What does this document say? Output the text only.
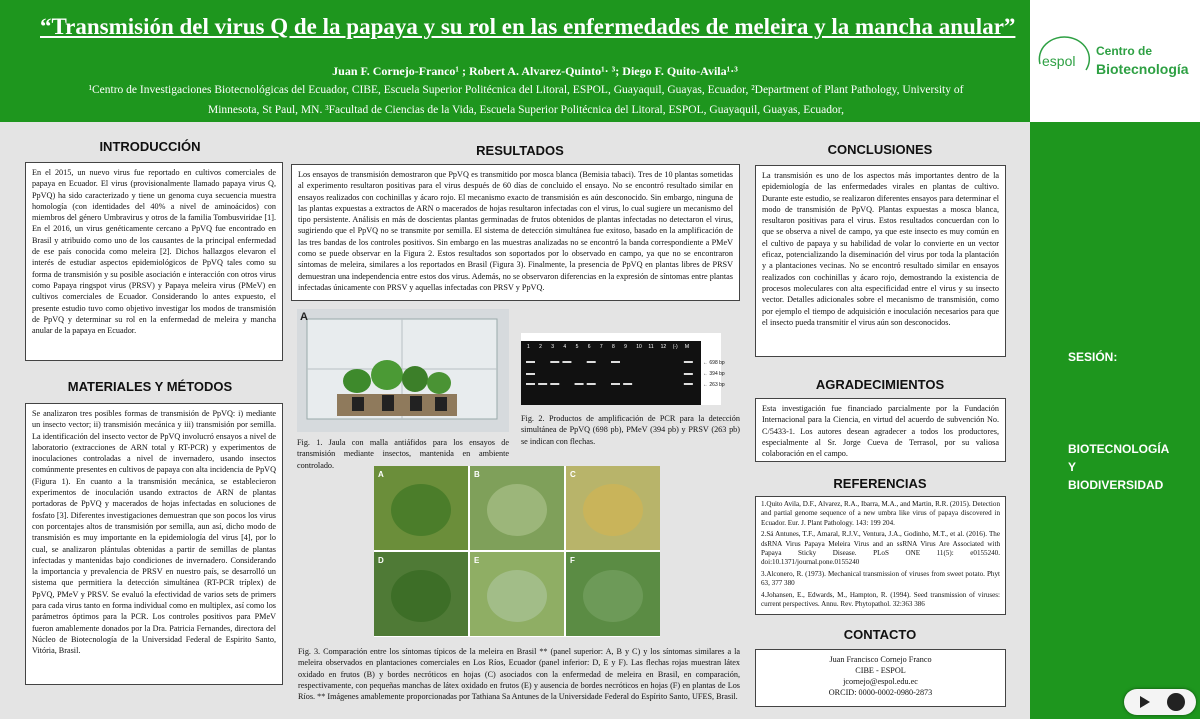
“Transmisión del virus Q de la papaya y su rol en las enfermedades de meleira y la mancha anular”
Juan F. Cornejo-Franco¹ ; Robert A. Alvarez-Quinto¹· ³; Diego F. Quito-Avila¹·³
¹Centro de Investigaciones Biotecnológicas del Ecuador, CIBE, Escuela Superior Politécnica del Litoral, ESPOL, Guayaquil, Guayas, Ecuador, ²Department of Plant Pathology, University of
Minnesota, St Paul, MN. ³Facultad de Ciencias de la Vida, Escuela Superior Politécnica del Litoral, ESPOL, Guayaquil, Guayas, Ecuador,
espol
Centro de
Biotecnología
SESIÓN:
BIOTECNOLOGÍA
Y
BIODIVERSIDAD
INTRODUCCIÓN
En el 2015, un nuevo virus fue reportado en cultivos comerciales de papaya en Ecuador. El virus (provisionalmente llamado papaya virus Q, PpVQ) ha sido caracterizado y tiene un genoma cuya secuencia muestra homología (con identidades del 40% a nivel de aminoácidos) con miembros del género Umbravirus y otros de la familia Tombusviridae [1]. En el 2016, un virus genéticamente cercano a PpVQ fue encontrado en Brasil y atribuido como uno de los causantes de la principal enfermedad de ese país conocida como meleira [2]. Dichos hallazgos elevaron el interés de estudiar aspectos epidemiológicos de PpVQ tales como su forma de transmisión y su posible asociación e interacción con otros virus como Papaya ringspot virus (PRSV) y Papaya meleira virus (PMeV) en cultivos comerciales de Ecuador. Considerando lo antes expuesto, el presente estudio tuvo como objetivo investigar los modos de transmisión de PpVQ y determinar su rol en la enfermedad de meleira y mancha anular de la papaya en Ecuador.
MATERIALES Y MÉTODOS
Se analizaron tres posibles formas de transmisión de PpVQ: i) mediante un insecto vector; ii) transmisión mecánica y iii) transmisión por semilla. La identificación del insecto vector de PpVQ involucró ensayos a nivel de laboratorio (extracciones de ARN total y RT-PCR) y experimentos de inoculaciones controladas a nivel de invernadero, usando insectos comúnmente presentes en cultivos de papaya con alta incidencia de PpVQ (Figura 1). En cuanto a la transmisión mecánica, se establecieron experimentos de inoculación usando extractos de ARN de plantas portadoras de PpVQ y macerados de hojas infectadas en soluciones de fosfato [3]. Diferentes investigaciones demuestran que son pocos los virus con porcentajes altos de transmisión por semilla, aun así, dicho modo de transmisión es muy importante en la epidemiología del virus [4], por lo cual, se analizaron plántulas obtenidas a partir de semillas de plantas infectadas y mantenidas bajo condiciones de invernadero. Considerando la importancia y prevalencia de PRSV en nuestro país, se desarrolló un sistema que permitiera la detección simultánea (RT-PCR tríplex) de PpVQ, PMeV y PRSV. Se evaluó la efectividad de varios sets de primers para cada virus tanto en forma individual como en multiplex, así como los parámetros óptimos para la PCR. Los controles positivos para PMeV fueron amablemente donados por la Dra. Patricia Fernandes, directora del Núcleo de Biotecnología de la Universidad Federal de Espirito Santo, Vitória, Brasil.
RESULTADOS
Los ensayos de transmisión demostraron que PpVQ es transmitido por mosca blanca (Bemisia tabaci). Tres de 10 plantas sometidas al experimento resultaron positivas para el virus después de 60 días de concluido el ensayo. No se encontró resultado similar en ensayos realizados con cochinillas y ácaro rojo. El mecanismo exacto de transmisión es aún desconocido. Sin embargo, ninguna de las plantas expuestas a extractos de ARN o macerados de hojas resultaron infectadas con el virus, lo cual sugiere un mecanismo del tipo persistente. Análisis en más de doscientas plantas germinadas de frutos obtenidos de plantas infectadas no detectaron el virus, sugiriendo que el PpVQ no se transmite por semilla. El sistema de detección simultánea fue exitoso, basado en la amplificación de las tres bandas de los controles positivos. Sin embargo en las muestras analizadas no se encontró la banda correspondiente a PMeV como se puede observar en la Figura 2. Estos resultados son soportados por lo observado en campo, ya que no se encontraron síntomas de meleira, similares a los reportados en Brasil (Figura 3). Finalmente, la presencia de PpVQ en plantas libres de PRSV demuestran una independencia entre estos dos virus. Además, no se observaron diferencias en la expresión de síntomas entre plantas infectadas únicamente con PRSV y aquellas infectadas con PRSV y PpVQ.
A
Fig. 1. Jaula con malla antiáfidos para los ensayos de transmisión mediante insectos, mantenida en ambiente controlado.
1 2 3 4 5 6 7 8 9 10 11 12 (-) M
← 698 bp
← 394 bp
← 263 bp
Fig. 2. Productos de amplificación de PCR para la detección simultánea de PpVQ (698 pb), PMeV (394 pb) y PRSV (263 pb) se indican con flechas.
A	B	C
D	E	F
Fig. 3. Comparación entre los síntomas típicos de la meleira en Brasil ** (panel superior: A, B y C) y los síntomas similares a la meleira observados en plantaciones comerciales en Los Ríos, Ecuador (panel inferior: D, E y F). Las flechas rojas muestran látex oxidado en frutos (B) y bordes necróticos en hojas (C) asociados con la enfermedad de meleira en Brasil, en comparación, respectivamente, con pequeñas manchas de látex oxidado en frutos (E) y ausencia de bordes necróticos en hojas (F) en plantas de Los Ríos. ** Imágenes amablemente proporcionadas por Tathiana Sa Antunes de la Universidade Federal do Espírito Santo, UFES, Brasil.
CONCLUSIONES
La transmisión es uno de los aspectos más importantes dentro de la epidemiología de las enfermedades virales en plantas de cultivo. Durante este estudio, se realizaron diferentes ensayos para determinar el modo de transmisión de PpVQ. Plantas expuestas a mosca blanca, resultaron positivas para el virus. Estos resultados concuerdan con lo que se observa a nivel de campo, ya que este insecto es muy común en el cultivo de papaya y su habilidad de volar lo convierte en un vector eficaz, potencializando la diseminación del virus por toda la plantación y a plantaciones vecinas. No se encontró resultado similar en ensayos realizados con cochinillas y ácaro rojo, demostrando la existencia de procesos moleculares con alta especificidad entre el virus y su insecto vector. Detalles adicionales sobre el mecanismo de transmisión, como por ejemplo el tiempo de adquisición e inoculación necesarios para que el insecto pueda transmitir el virus aún son desconocidos.
AGRADECIMIENTOS
Esta investigación fue financiado parcialmente por la Fundación Internacional para la Ciencia, en virtud del acuerdo de subvención No. C/5433-1. Los autores desean agradecer a todos los productores, especialmente al Sr. Jorge Cueva de Terrasol, por su valiosa colaboración en el campo.
REFERENCIAS
1.Quito Avila, D.F., Alvarez, R.A., Ibarra, M.A., and Martin, R.R. (2015). Detection and partial genome sequence of a new umbra like virus of papaya discovered in Ecuador. Eur. J. Plant Pathology. 143: 199 204.
2.Sá Antunes, T.F., Amaral, R.J.V., Ventura, J.A., Godinho, M.T., et al. (2016). The dsRNA Virus Papaya Meleira Virus and an ssRNA Virus Are Associated with Papaya Sticky Disease. PLoS ONE 11(5): e0155240. doi:10.1371/journal.pone.0155240
3.Alconero, R. (1973). Mechanical transmission of viruses from sweet potato. Phyt 63, 377 380
4.Johansen, E., Edwards, M., Hampton, R. (1994). Seed transmission of viruses: current perspectives. Annu. Rev. Phytopathol. 32:363 386
CONTACTO
Juan Francisco Cornejo Franco
CIBE - ESPOL
jcornejo@espol.edu.ec
ORCID: 0000-0002-0980-2873
